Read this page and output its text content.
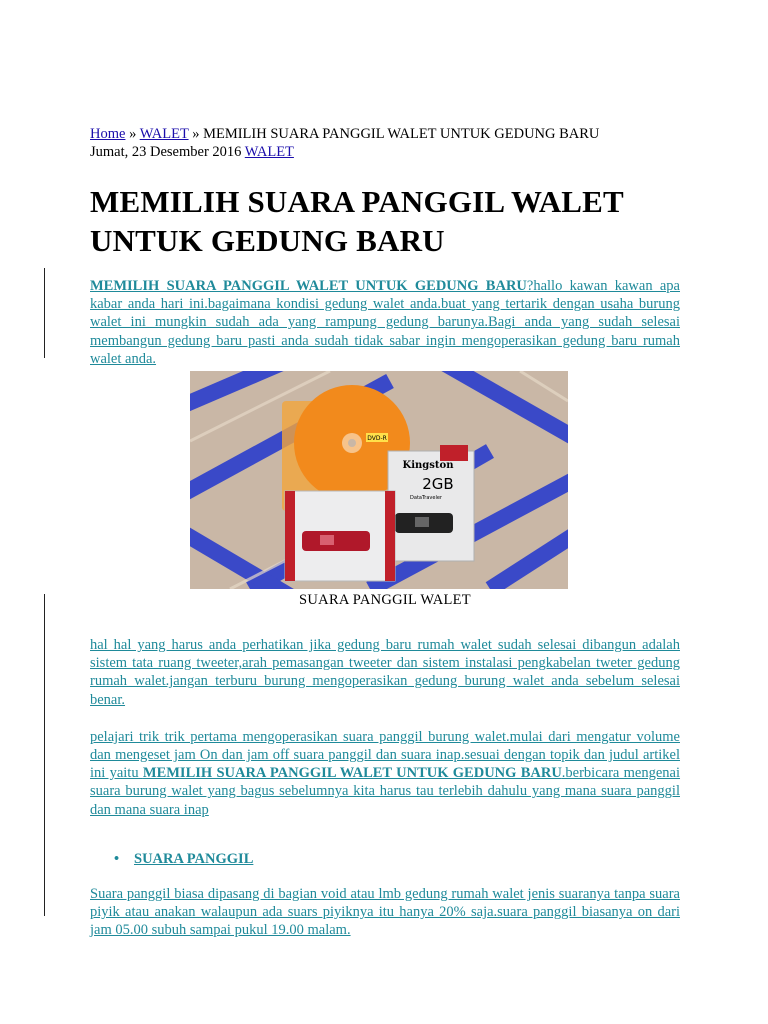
Home » WALET » MEMILIH SUARA PANGGIL WALET UNTUK GEDUNG BARU
Jumat, 23 Desember 2016 WALET
MEMILIH SUARA PANGGIL WALET UNTUK GEDUNG BARU

MEMILIH SUARA PANGGIL WALET UNTUK GEDUNG BARU?hallo kawan kawan apa kabar anda hari ini.bagaimana kondisi gedung walet anda.buat yang tertarik dengan usaha burung walet ini mungkin sudah ada yang rampung gedung barunya.Bagi anda yang sudah selesai membangun gedung baru pasti anda sudah tidak sabar ingin mengoperasikan gedung baru rumah walet anda.

DVD-R
Kingston
2GB
DataTraveler
SUARA PANGGIL WALET

hal hal yang harus anda perhatikan jika gedung baru rumah walet sudah selesai dibangun adalah sistem tata ruang tweeter,arah pemasangan tweeter dan sistem instalasi pengkabelan tweter gedung rumah walet.jangan terburu burung mengoperasikan gedung burung walet anda sebelum selesai benar.

pelajari trik trik pertama mengoperasikan suara panggil burung walet.mulai dari mengatur volume dan mengeset jam On dan jam off suara panggil dan suara inap.sesuai dengan topik dan judul artikel ini yaitu MEMILIH SUARA PANGGIL WALET UNTUK GEDUNG BARU.berbicara mengenai suara burung walet yang bagus sebelumnya kita harus tau terlebih dahulu yang mana suara panggil dan mana suara inap

• SUARA PANGGIL

Suara panggil biasa dipasang di bagian void atau lmb gedung rumah walet jenis suaranya tanpa suara piyik atau anakan walaupun ada suars piyiknya itu hanya 20% saja.suara panggil biasanya on dari jam 05.00 subuh sampai pukul 19.00 malam.
